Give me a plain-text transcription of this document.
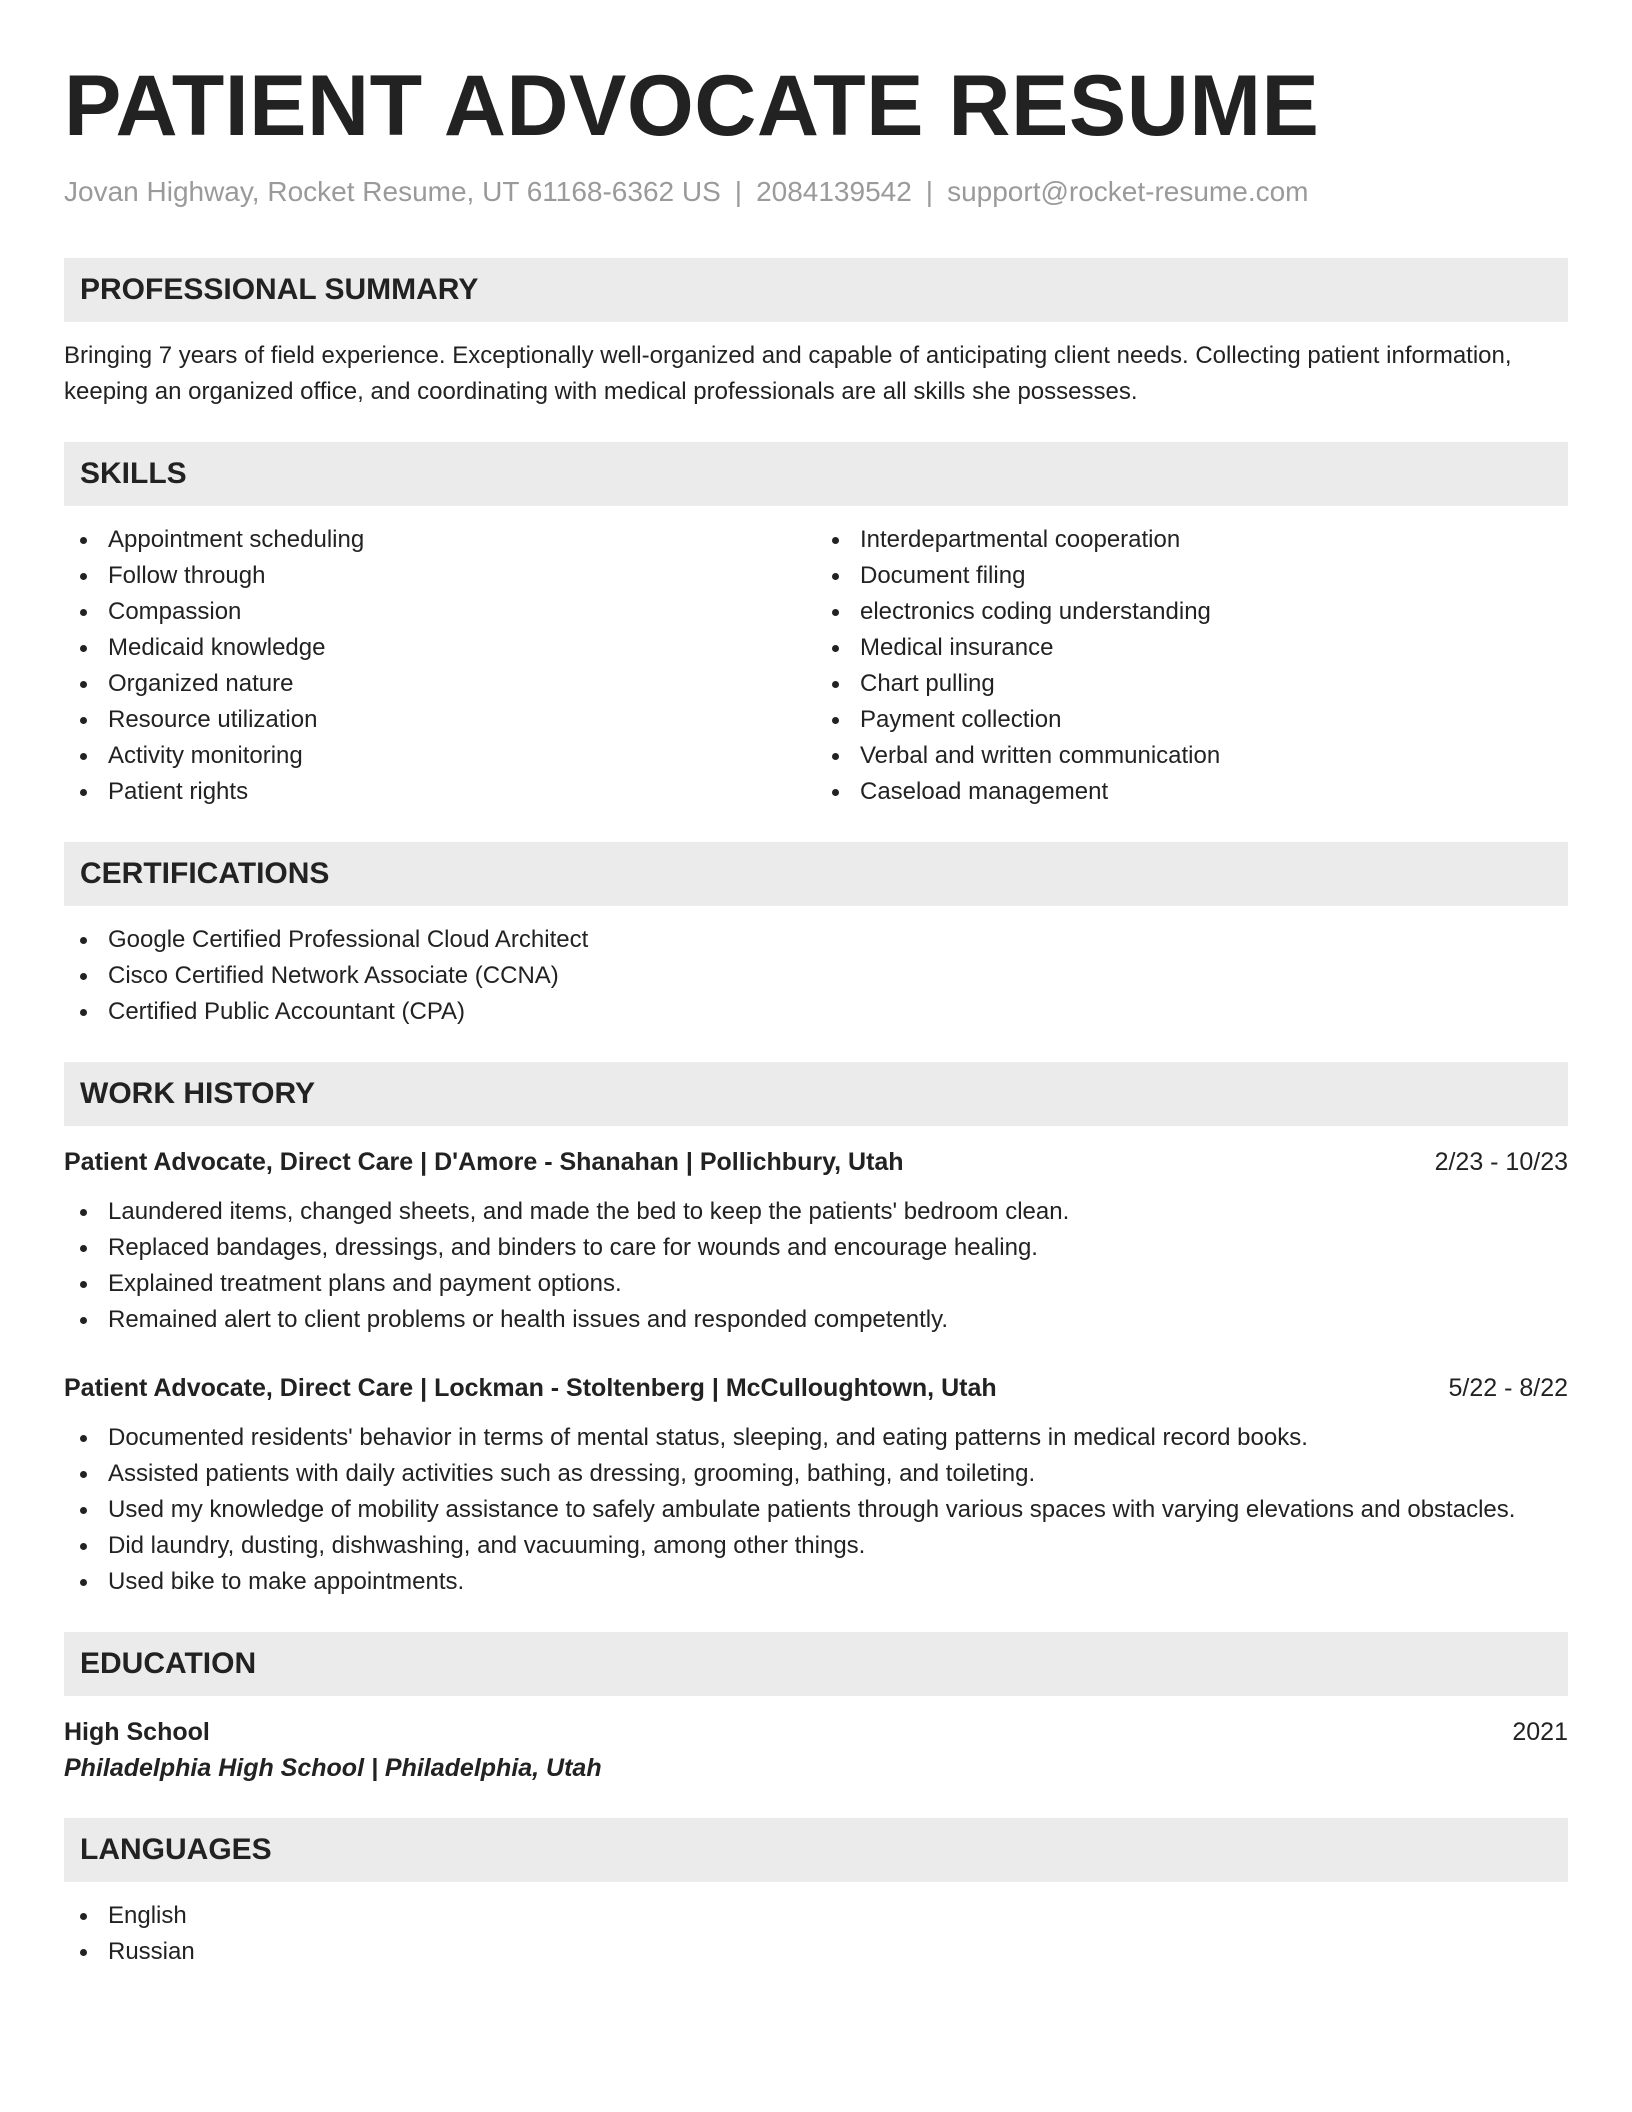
PATIENT ADVOCATE RESUME
Jovan Highway, Rocket Resume, UT 61168-6362 US | 2084139542 | support@rocket-resume.com
PROFESSIONAL SUMMARY
Bringing 7 years of field experience. Exceptionally well-organized and capable of anticipating client needs. Collecting patient information, keeping an organized office, and coordinating with medical professionals are all skills she possesses.
SKILLS
Appointment scheduling
Follow through
Compassion
Medicaid knowledge
Organized nature
Resource utilization
Activity monitoring
Patient rights
Interdepartmental cooperation
Document filing
electronics coding understanding
Medical insurance
Chart pulling
Payment collection
Verbal and written communication
Caseload management
CERTIFICATIONS
Google Certified Professional Cloud Architect
Cisco Certified Network Associate (CCNA)
Certified Public Accountant (CPA)
WORK HISTORY
Patient Advocate, Direct Care | D'Amore - Shanahan | Pollichbury, Utah	2/23 - 10/23
Laundered items, changed sheets, and made the bed to keep the patients' bedroom clean.
Replaced bandages, dressings, and binders to care for wounds and encourage healing.
Explained treatment plans and payment options.
Remained alert to client problems or health issues and responded competently.
Patient Advocate, Direct Care | Lockman - Stoltenberg | McCulloughtown, Utah	5/22 - 8/22
Documented residents' behavior in terms of mental status, sleeping, and eating patterns in medical record books.
Assisted patients with daily activities such as dressing, grooming, bathing, and toileting.
Used my knowledge of mobility assistance to safely ambulate patients through various spaces with varying elevations and obstacles.
Did laundry, dusting, dishwashing, and vacuuming, among other things.
Used bike to make appointments.
EDUCATION
High School	2021
Philadelphia High School | Philadelphia, Utah
LANGUAGES
English
Russian
